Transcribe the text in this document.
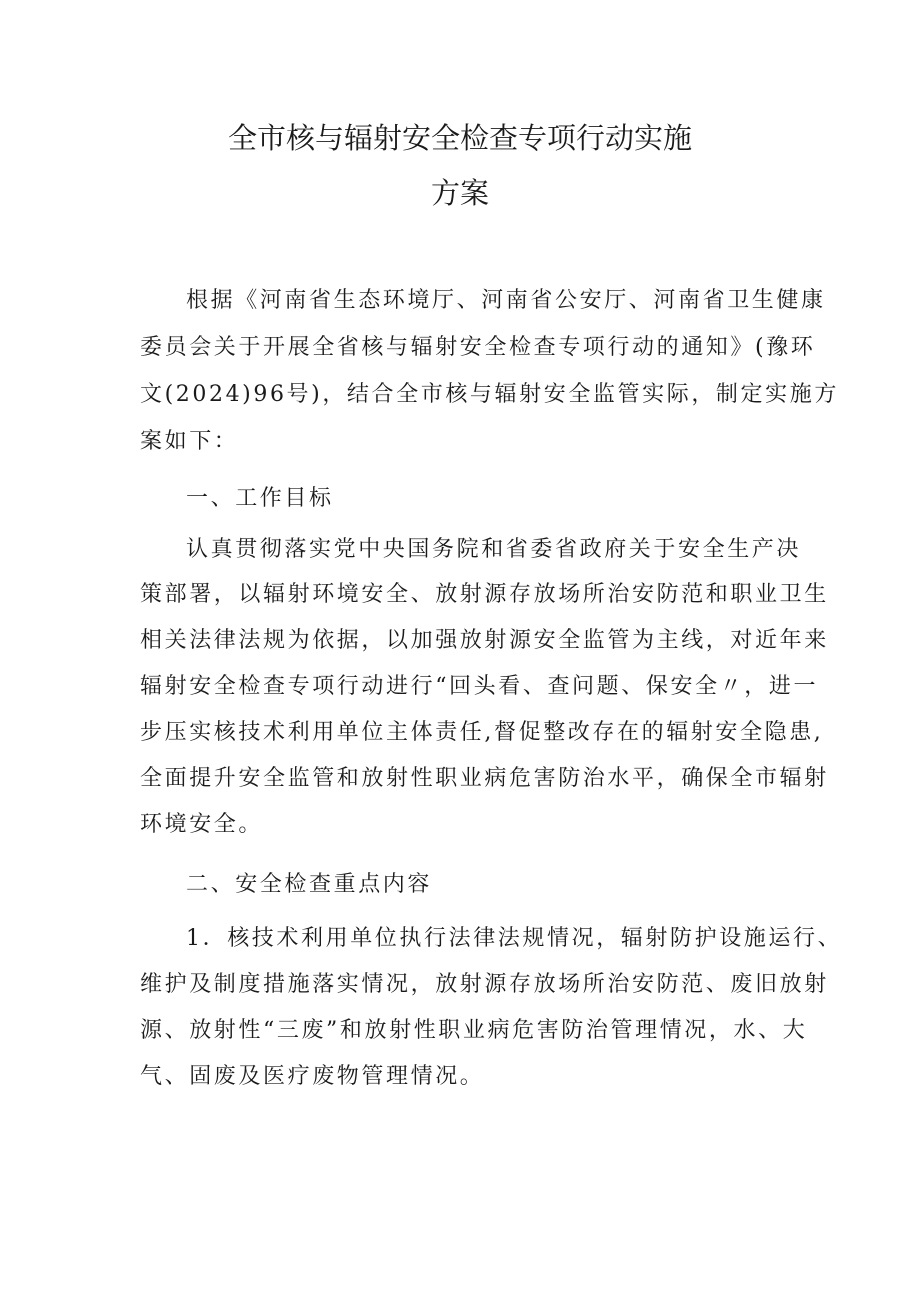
全市核与辐射安全检查专项行动实施
方案
根据《河南省生态环境厅、河南省公安厅、河南省卫生健康
委员会关于开展全省核与辐射安全检查专项行动的通知》(豫环
文(2024)96号)，结合全市核与辐射安全监管实际，制定实施方
案如下：
一、工作目标
认真贯彻落实党中央国务院和省委省政府关于安全生产决
策部署，以辐射环境安全、放射源存放场所治安防范和职业卫生
相关法律法规为依据，以加强放射源安全监管为主线，对近年来
辐射安全检查专项行动进行“回头看、查问题、保安全〃，进一
步压实核技术利用单位主体责任,督促整改存在的辐射安全隐患,
全面提升安全监管和放射性职业病危害防治水平，确保全市辐射
环境安全。
二、安全检查重点内容
1．核技术利用单位执行法律法规情况，辐射防护设施运行、
维护及制度措施落实情况，放射源存放场所治安防范、废旧放射
源、放射性“三废”和放射性职业病危害防治管理情况，水、大
气、固废及医疗废物管理情况。
